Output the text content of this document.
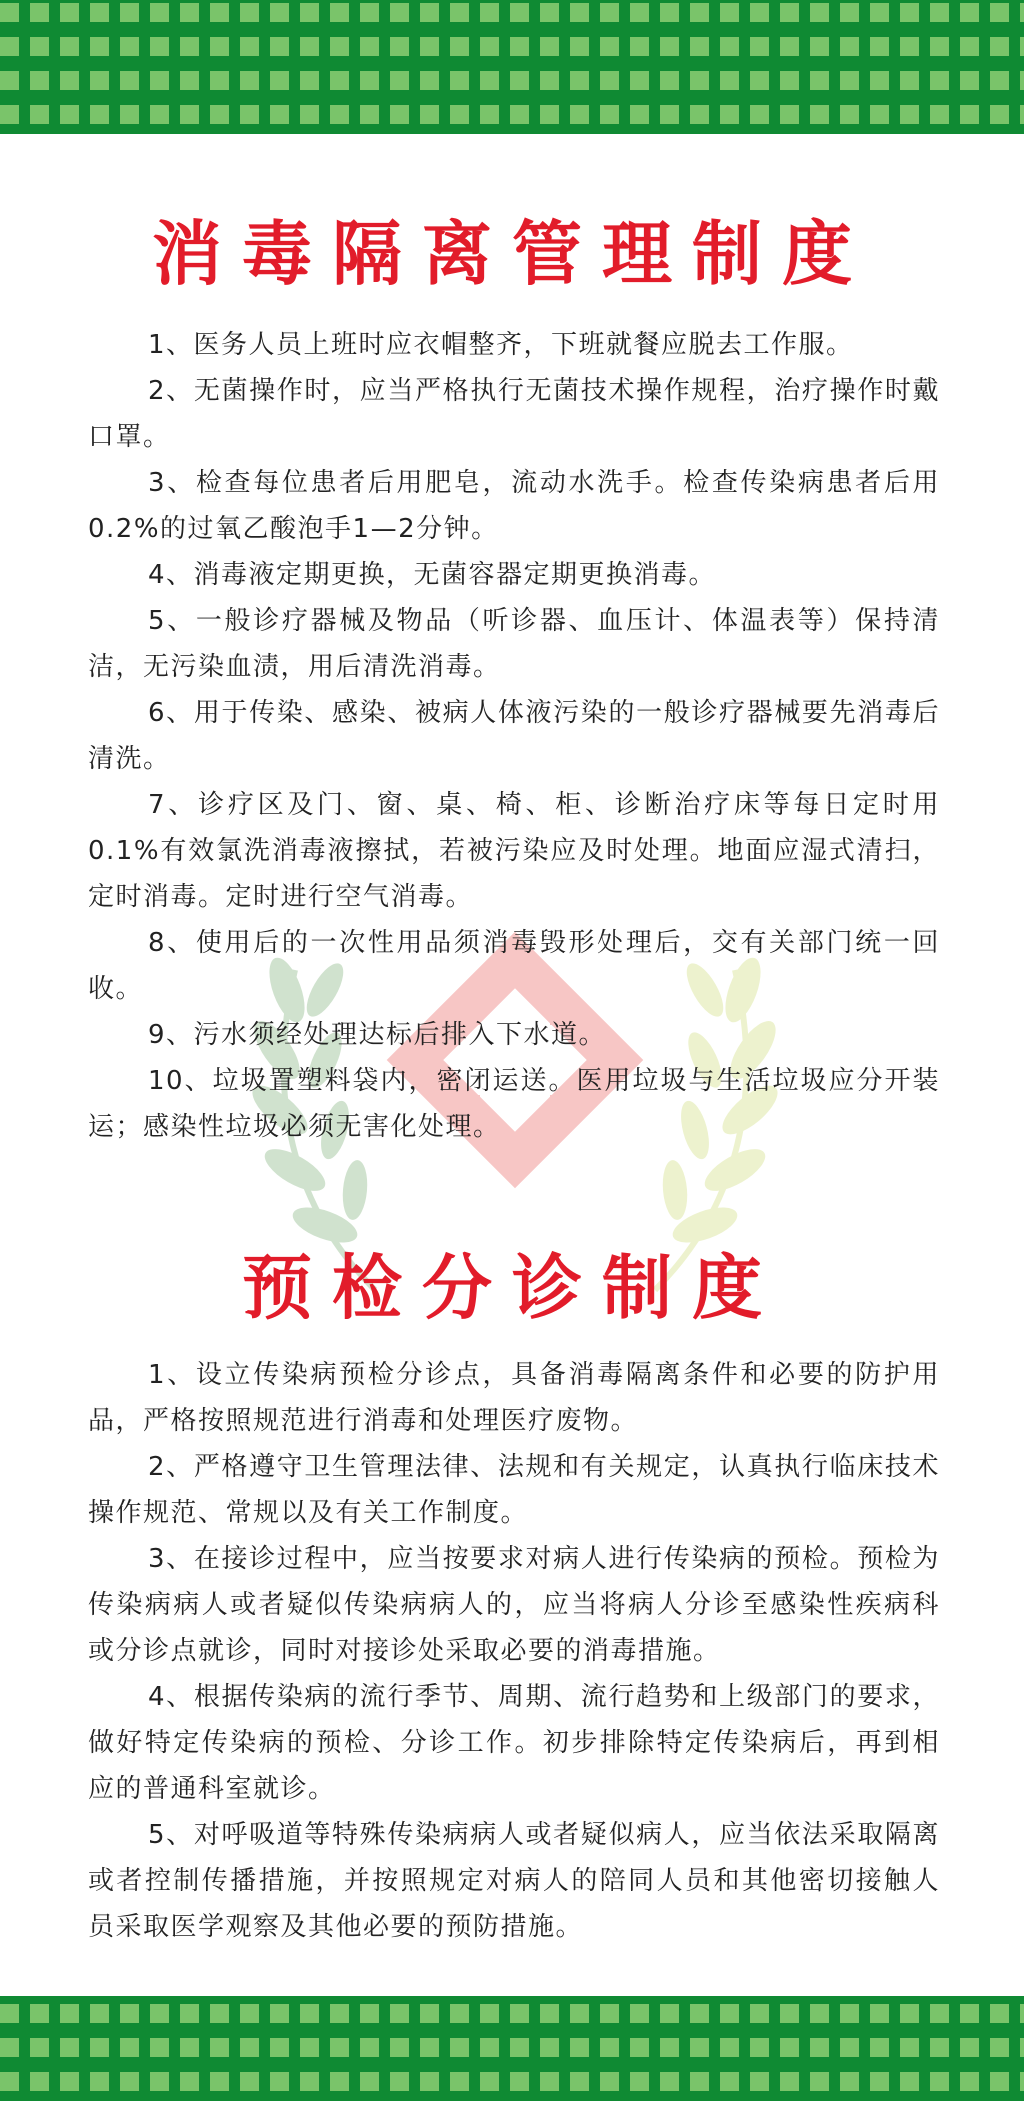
消毒隔离管理制度

1、医务人员上班时应衣帽整齐，下班就餐应脱去工作服。

2、无菌操作时，应当严格执行无菌技术操作规程，治疗操作时戴口罩。

3、检查每位患者后用肥皂，流动水洗手。检查传染病患者后用0.2%的过氧乙酸泡手1—2分钟。

4、消毒液定期更换，无菌容器定期更换消毒。

5、一般诊疗器械及物品（听诊器、血压计、体温表等）保持清洁，无污染血渍，用后清洗消毒。

6、用于传染、感染、被病人体液污染的一般诊疗器械要先消毒后清洗。

7、诊疗区及门、窗、桌、椅、柜、诊断治疗床等每日定时用0.1%有效氯洗消毒液擦拭，若被污染应及时处理。地面应湿式清扫，定时消毒。定时进行空气消毒。

8、使用后的一次性用品须消毒毁形处理后，交有关部门统一回收。

9、污水须经处理达标后排入下水道。

10、垃圾置塑料袋内，密闭运送。医用垃圾与生活垃圾应分开装运；感染性垃圾必须无害化处理。

预检分诊制度

1、设立传染病预检分诊点，具备消毒隔离条件和必要的防护用品，严格按照规范进行消毒和处理医疗废物。

2、严格遵守卫生管理法律、法规和有关规定，认真执行临床技术操作规范、常规以及有关工作制度。

3、在接诊过程中，应当按要求对病人进行传染病的预检。预检为传染病病人或者疑似传染病病人的，应当将病人分诊至感染性疾病科或分诊点就诊，同时对接诊处采取必要的消毒措施。

4、根据传染病的流行季节、周期、流行趋势和上级部门的要求，做好特定传染病的预检、分诊工作。初步排除特定传染病后，再到相应的普通科室就诊。

5、对呼吸道等特殊传染病病人或者疑似病人，应当依法采取隔离或者控制传播措施，并按照规定对病人的陪同人员和其他密切接触人员采取医学观察及其他必要的预防措施。
